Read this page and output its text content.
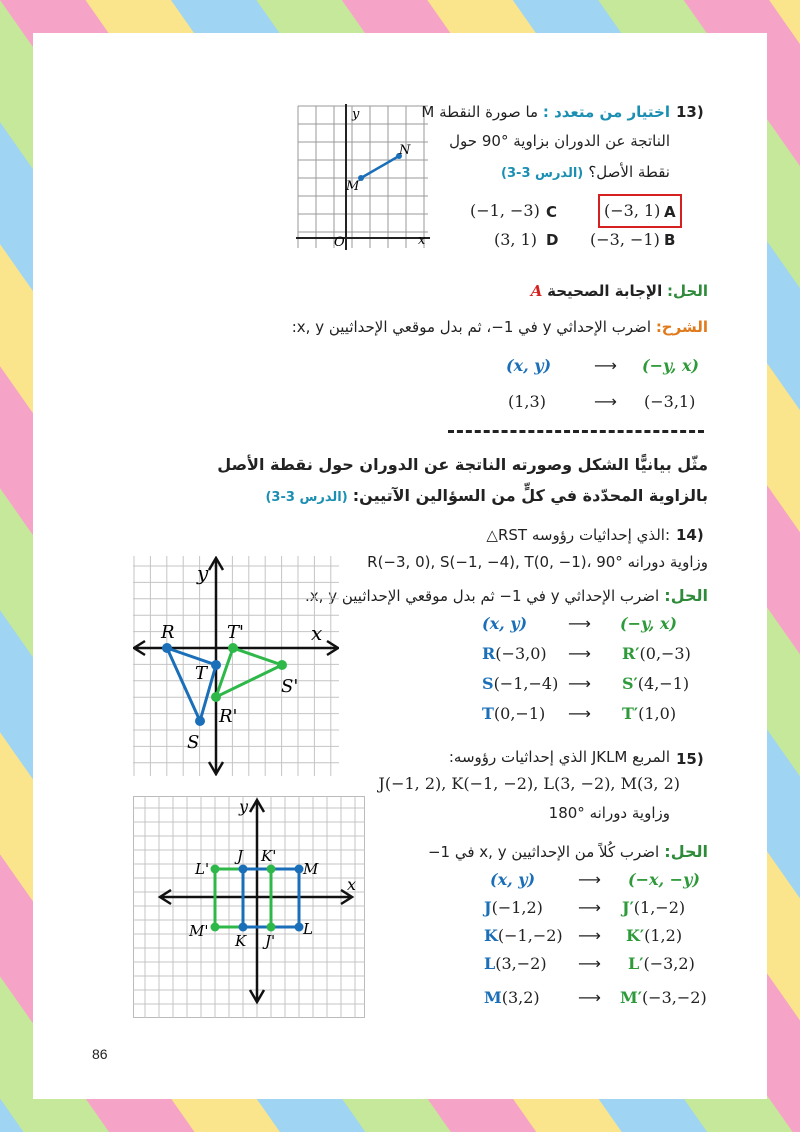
y
x
O
M
N
13)
اختيار من متعدد : ما صورة النقطة M
الناتجة عن الدوران بزاوية °90 حول
نقطة الأصل؟ (الدرس 3-3)
(−3, 1) A
(−3, −1) B
(−1, −3) C
(3, 1) D
الحل: الإجابة الصحيحة A
الشرح: اضرب الإحداثي y في 1−، ثم بدل موقعي الإحداثيين x, y:
(x, y)	⟶ (−y, x)
(1,3)	⟶ (−3,1)
مثّل بيانيًّا الشكل وصورته الناتجة عن الدوران حول نقطة الأصل
بالزاوية المحدّدة في كلٍّ من السؤالين الآتيين: (الدرس 3-3)
14)
△RST الذي إحداثيات رؤوسه:
R(−3, 0), S(−1, −4), T(0, −1)، وزاوية دورانه °90
الحل: اضرب الإحداثي y في 1− ثم بدل موقعي الإحداثيين x, y.
(x, y)	⟶ (−y, x)
R(−3,0) ⟶ R′(0,−3)
S(−1,−4) ⟶ S′(4,−1)
T(0,−1) ⟶ T′(1,0)
y
x
R
S
T
R'
S'
T'
15)
المربع JKLM الذي إحداثيات رؤوسه:
J(−1, 2), K(−1, −2), L(3, −2), M(3, 2)
وزاوية دورانه °180
الحل: اضرب كُلاً من الإحداثيين x, y في 1−
(x, y)	⟶ (−x, −y)
J(−1,2) ⟶ J′(1,−2)
K(−1,−2) ⟶ K′(1,2)
L(3,−2) ⟶ L′(−3,2)
M(3,2) ⟶ M′(−3,−2)
y
x
J K'
L'	M
M'	L
K J'
86
